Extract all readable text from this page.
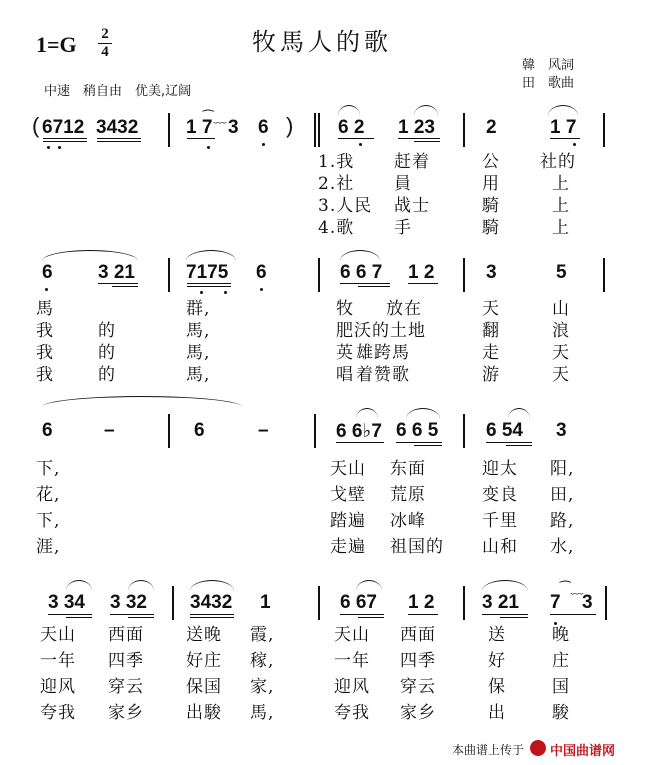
$1=G \frac{2}{4}$	牧馬人的歌
韓　风詞
田　歌曲
中速　稍自由　优美,辽阔
( 6712 3432	1 7
⁀﹏ 3 6 ) 6 2 1 23	2	1 7
1.我 赶着	公 社的
2.社 員	用	上
3.人民 战士	騎	上
4.歌 手	騎	上
6 3 21	7175 6	6 6 7 1 2	3	5
馬	群,	牧 放在	天	山
我	的	馬,	肥沃的土地	翻	浪
我	的	馬,	英 雄跨馬	走	天
我	的	馬,	唱 着赞歌	游	天
6	–	6	–	6 6♭7 6 6 5	6 54 3
下,	天山 东面	迎太 阳,
花,	戈壁 荒原	变良 田,
下,	踏遍 冰峰	千里 路,
涯,	走遍 祖国的 山和 水,
3 34 3 32 3432 1	6 67 1 2	3 21
⁀﹏
7 3
天山 西面 送晚 霞,	天山 西面	送	晚
一年 四季 好庄 稼,	一年 四季	好	庄
迎风 穿云 保国 家,	迎风 穿云	保	国
夸我 家乡 出駿 馬,	夸我 家乡	出	駿
本曲谱上传于 中国曲谱网
